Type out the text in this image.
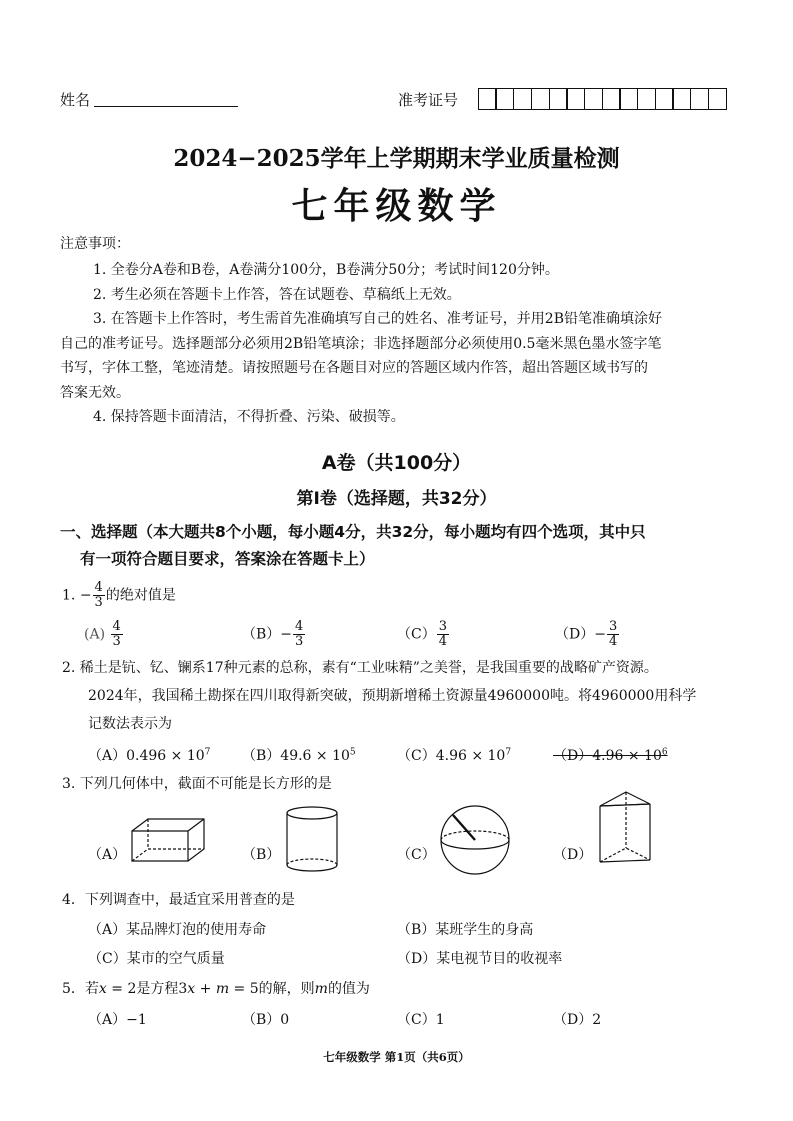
姓名	准考证号
2024−2025学年上学期期末学业质量检测
七年级数学
注意事项：
1. 全卷分A卷和B卷，A卷满分100分，B卷满分50分；考试时间120分钟。
2. 考生必须在答题卡上作答，答在试题卷、草稿纸上无效。
3. 在答题卡上作答时，考生需首先准确填写自己的姓名、准考证号，并用2B铅笔准确填涂好
自己的准考证号。选择题部分必须用2B铅笔填涂；非选择题部分必须使用0.5毫米黑色墨水签字笔
书写，字体工整，笔迹清楚。请按照题号在各题目对应的答题区域内作答，超出答题区域书写的
答案无效。
4. 保持答题卡面清洁，不得折叠、污染、破损等。
A卷（共100分）
第Ⅰ卷（选择题，共32分）
一、选择题（本大题共8个小题，每小题4分，共32分，每小题均有四个选项，其中只
有一项符合题目要求，答案涂在答题卡上）
1. − $\frac{4}{3}$ 的绝对值是
$(A) \frac{4}{3}$	$(B)- \frac{4}{3}$	$(C) \frac{3}{4}$	$(D)- \frac{3}{4}$
2. 稀土是钪、钇、镧系17种元素的总称，素有“工业味精”之美誉，是我国重要的战略矿产资源。
2024年，我国稀土勘探在四川取得新突破，预期新增稀土资源量4960000吨。将4960000用科学
记数法表示为
$(A)0.496 \times 10^7$ $(B)49.6 \times 10^5$	$(C)4.96 \times 10^7$	$(D)4.96 \times 10^6$
3. 下列几何体中，截面不可能是长方形的是
（A）	（B）	（C）	（D）
4．下列调查中，最适宜采用普查的是
（A）某品牌灯泡的使用寿命	（B）某班学生的身高
（C）某市的空气质量	（D）某电视节目的收视率
5．若x = 2是方程3x + m = 5的解，则m的值为
（A）−1	（B）0	（C）1	（D）2
七年级数学 第1页（共6页）
